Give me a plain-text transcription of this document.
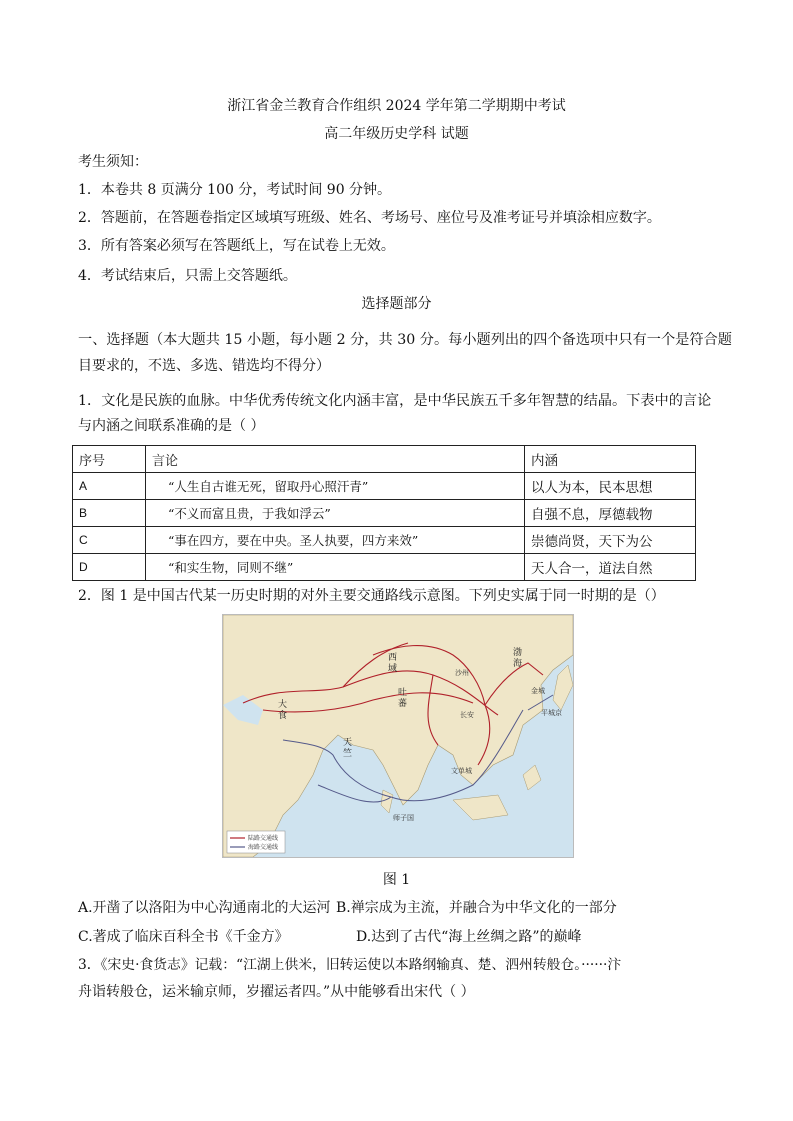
浙江省金兰教育合作组织 2024 学年第二学期期中考试
高二年级历史学科 试题
考生须知：
1．本卷共 8 页满分 100 分，考试时间 90 分钟。
2．答题前，在答题卷指定区域填写班级、姓名、考场号、座位号及准考证号并填涂相应数字。
3．所有答案必须写在答题纸上，写在试卷上无效。
4．考试结束后，只需上交答题纸。
选择题部分
一、选择题（本大题共 15 小题，每小题 2 分，共 30 分。每小题列出的四个备选项中只有一个是符合题
目要求的，不选、多选、错选均不得分）
1．文化是民族的血脉。中华优秀传统文化内涵丰富，是中华民族五千多年智慧的结晶。下表中的言论
与内涵之间联系准确的是（ ）
序号	言论	内涵
A	“人生自古谁无死，留取丹心照汗青”	以人为本，民本思想
B	“不义而富且贵，于我如浮云”	自强不息，厚德载物
C	“事在四方，要在中央。圣人执要，四方来效”	崇德尚贤，天下为公
D	“和实生物，同则不继”	天人合一，道法自然
2．图 1 是中国古代某一历史时期的对外主要交通路线示意图。下列史实属于同一时期的是（）
大食
天竺
吐蕃
西域
长安
渤海
金城
平城京
文单城
沙州
师子国
陆路交通线
海路交通线
图 1
A.开凿了以洛阳为中心沟通南北的大运河 B.禅宗成为主流，并融合为中华文化的一部分
C.著成了临床百科全书《千金方》	D.达到了古代“海上丝绸之路”的巅峰
3．《宋史·食货志》记载：“江湖上供米，旧转运使以本路纲输真、楚、泗州转般仓。······汴
舟诣转般仓，运米输京师，岁擢运者四。”从中能够看出宋代（ ）
